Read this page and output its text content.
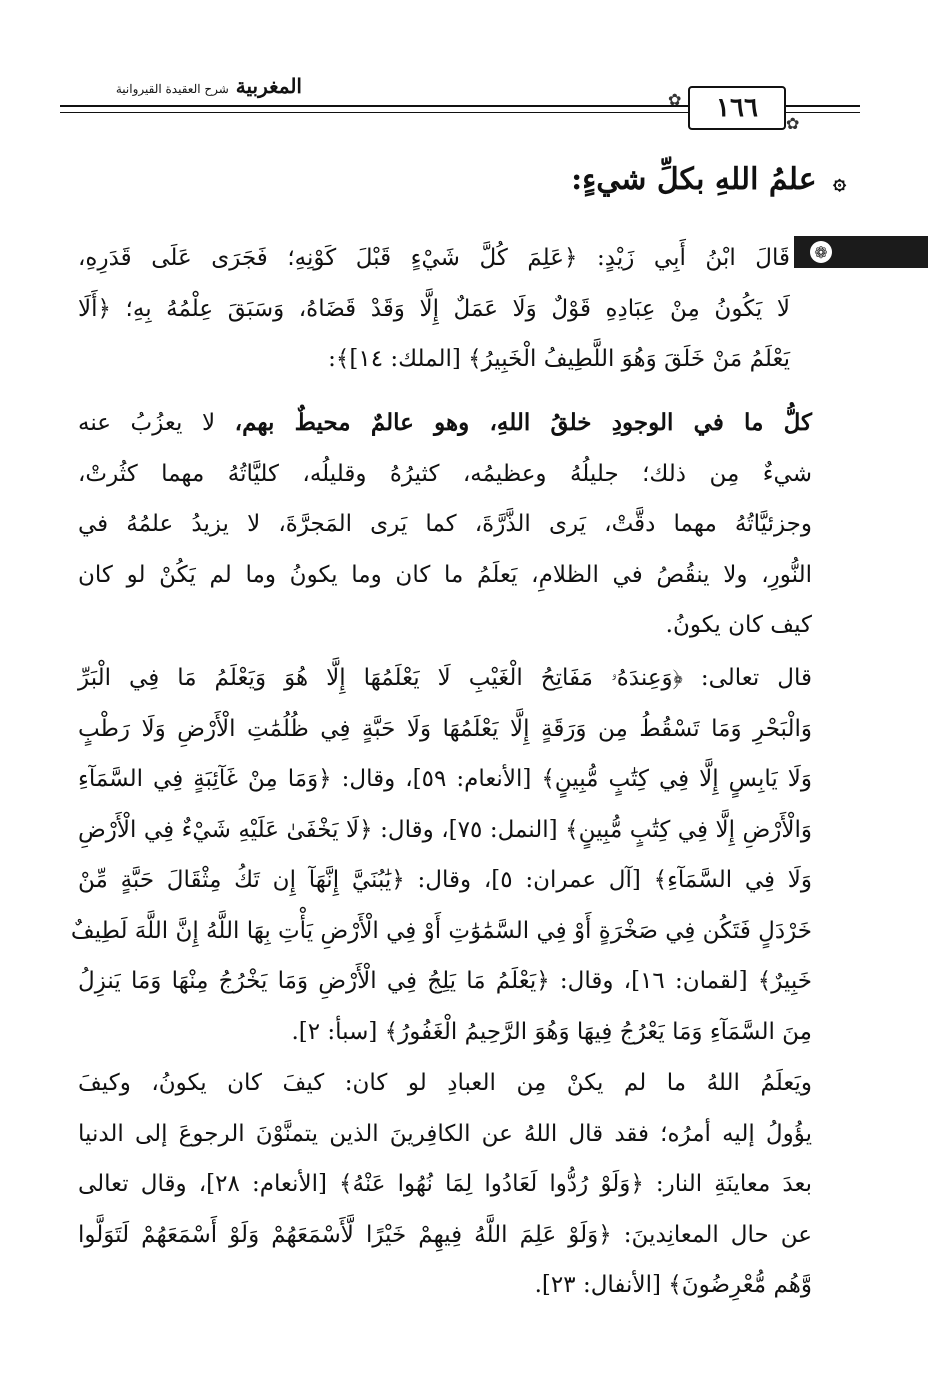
المغربية شرح العقيدة القيروانية
✿
✿
١٦٦
۞ علمُ اللهِ بكلِّ شيءٍ:
❁
قَالَ ابْنُ أَبِي زَيْدٍ: ﴿عَلِمَ كُلَّ شَيْءٍ قَبْلَ كَوْنِهِ؛ فَجَرَى عَلَى قَدَرِهِ،
لَا يَكُونُ مِنْ عِبَادِهِ قَوْلٌ وَلَا عَمَلٌ إِلَّا وَقَدْ قَضَاهُ، وَسَبَقَ عِلْمُهُ بِهِ؛ ﴿أَلَا
يَعْلَمُ مَنْ خَلَقَ وَهُوَ اللَّطِيفُ الْخَبِيرُ﴾ [الملك: ١٤]﴾:
كلُّ ما في الوجودِ خلقُ اللهِ، وهو عالمٌ محيطٌ بهم، لا يعزُبُ عنه
شيءٌ مِن ذلك؛ جليلُهُ وعظيمُه، كثيرُهُ وقليلُه، كليَّاتُهُ مهما كثُرتْ،
وجزئيَّاتُهُ مهما دقَّتْ، يَرى الذَّرَّةَ، كما يَرى المَجرَّةَ، لا يزيدُ علمُهُ في
النُّورِ، ولا ينقُصُ في الظلامِ، يَعلَمُ ما كان وما يكونُ وما لم يَكُنْ لو كان
كيف كان يكونُ.
قال تعالى: ﴿وَعِندَهُۥ مَفَاتِحُ الْغَيْبِ لَا يَعْلَمُهَا إِلَّا هُوَ وَيَعْلَمُ مَا فِي الْبَرِّ
وَالْبَحْرِ وَمَا تَسْقُطُ مِن وَرَقَةٍ إِلَّا يَعْلَمُهَا وَلَا حَبَّةٍ فِي ظُلُمَٰتِ الْأَرْضِ وَلَا رَطْبٍ
وَلَا يَابِسٍ إِلَّا فِي كِتَٰبٍ مُّبِينٍ﴾ [الأنعام: ٥٩]، وقال: ﴿وَمَا مِنْ غَآئِبَةٍ فِي السَّمَآءِ
وَالْأَرْضِ إِلَّا فِي كِتَٰبٍ مُّبِينٍ﴾ [النمل: ٧٥]، وقال: ﴿لَا يَخْفَىٰ عَلَيْهِ شَيْءٌ فِي الْأَرْضِ
وَلَا فِي السَّمَآءِ﴾ [آل عمران: ٥]، وقال: ﴿يَٰبُنَيَّ إِنَّهَآ إِن تَكُ مِثْقَالَ حَبَّةٍ مِّنْ
خَرْدَلٍ فَتَكُن فِي صَخْرَةٍ أَوْ فِي السَّمَٰوَٰتِ أَوْ فِي الْأَرْضِ يَأْتِ بِهَا اللَّهُ إِنَّ اللَّهَ لَطِيفٌ
خَبِيرٌ﴾ [لقمان: ١٦]، وقال: ﴿يَعْلَمُ مَا يَلِجُ فِي الْأَرْضِ وَمَا يَخْرُجُ مِنْهَا وَمَا يَنزِلُ
مِنَ السَّمَآءِ وَمَا يَعْرُجُ فِيهَا وَهُوَ الرَّحِيمُ الْغَفُورُ﴾ [سبأ: ٢].
ويَعلَمُ اللهُ ما لم يكنْ مِن العبادِ لو كان: كيفَ كان يكونُ، وكيفَ
يؤُولُ إليه أمرُه؛ فقد قال اللهُ عن الكافِرينَ الذين يتمنَّوْنَ الرجوعَ إلى الدنيا
بعدَ معاينَةِ النار: ﴿وَلَوْ رُدُّوا لَعَادُوا لِمَا نُهُوا عَنْهُ﴾ [الأنعام: ٢٨]، وقال تعالى
عن حال المعانِدينَ: ﴿وَلَوْ عَلِمَ اللَّهُ فِيهِمْ خَيْرًا لَّأَسْمَعَهُمْ وَلَوْ أَسْمَعَهُمْ لَتَوَلَّوا
وَّهُم مُّعْرِضُونَ﴾ [الأنفال: ٢٣].
